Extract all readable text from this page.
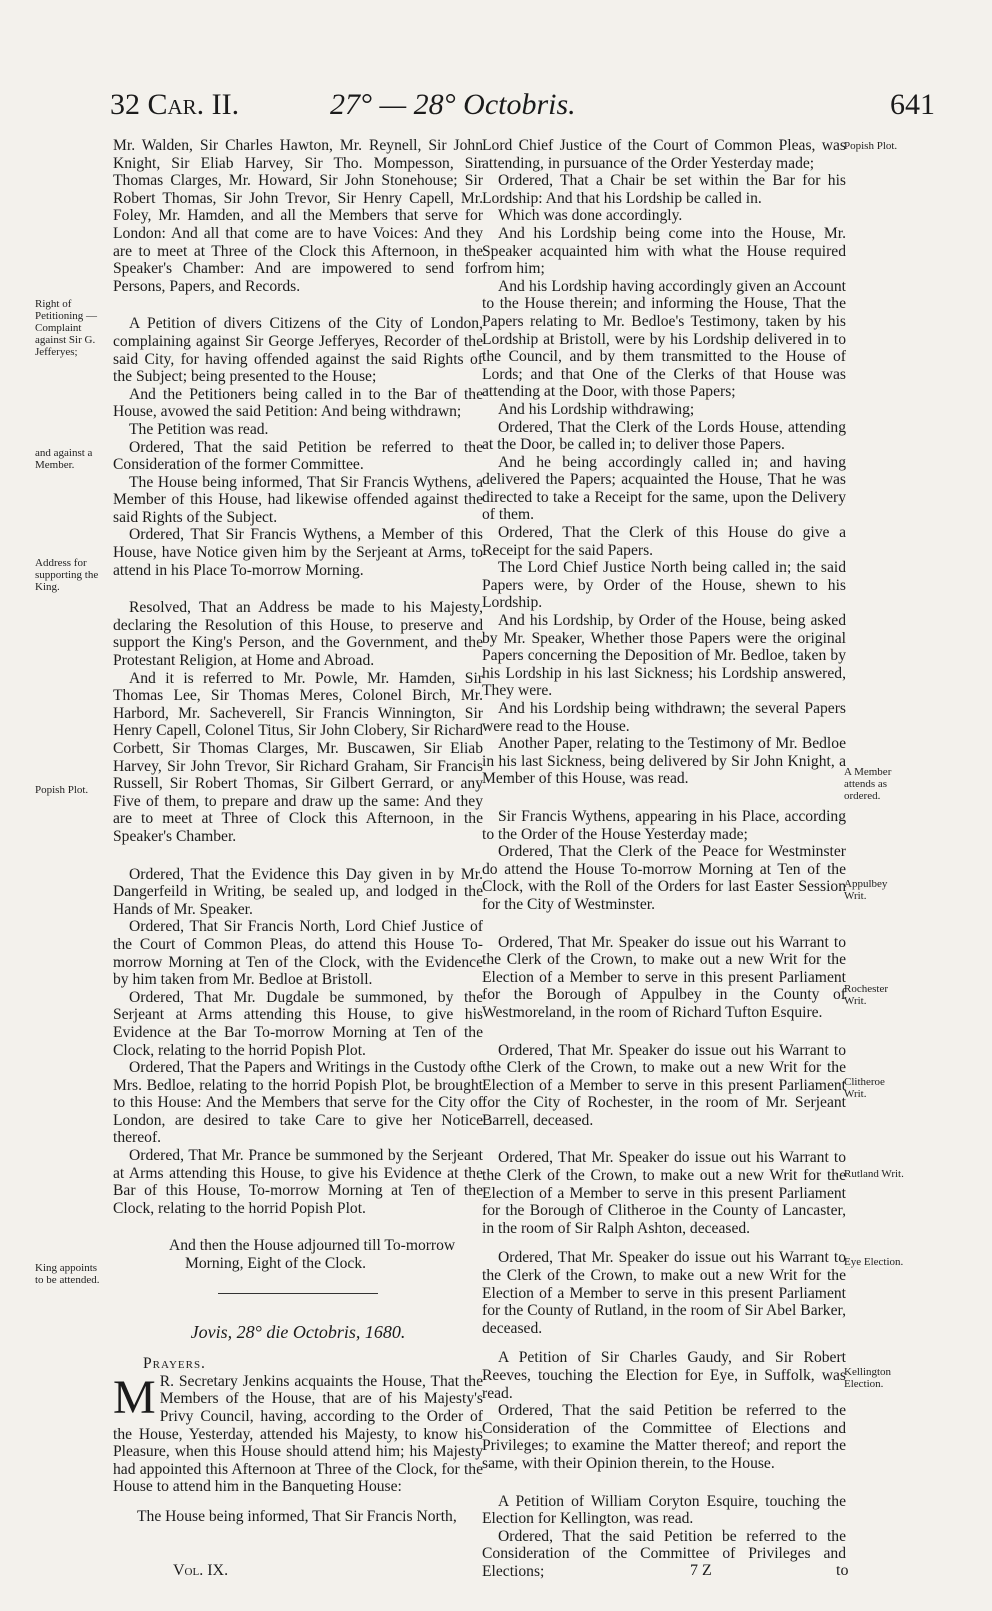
32 Car. II.	27° — 28° Octobris.	641
Right of Petitioning — Complaint against Sir G. Jefferyes;
and against a Member.
Address for supporting the King.
Popish Plot.
King appoints to be attended.
Popish Plot.
A Member attends as ordered.
Appulbey Writ.
Rochester Writ.
Clitheroe Writ.
Rutland Writ.
Eye Election.
Kellington Election.

Mr. Walden, Sir Charles Hawton, Mr. Reynell, Sir John Knight, Sir Eliab Harvey, Sir Tho. Mompesson, Sir Thomas Clarges, Mr. Howard, Sir John Stonehouse; Sir Robert Thomas, Sir John Trevor, Sir Henry Capell, Mr. Foley, Mr. Hamden, and all the Members that serve for London: And all that come are to have Voices: And they are to meet at Three of the Clock this Afternoon, in the Speaker's Chamber: And are impowered to send for Persons, Papers, and Records.

A Petition of divers Citizens of the City of London, complaining against Sir George Jefferyes, Recorder of the said City, for having offended against the said Rights of the Subject; being presented to the House;

And the Petitioners being called in to the Bar of the House, avowed the said Petition: And being withdrawn;

The Petition was read.

Ordered, That the said Petition be referred to the Consideration of the former Committee.

The House being informed, That Sir Francis Wythens, a Member of this House, had likewise offended against the said Rights of the Subject.

Ordered, That Sir Francis Wythens, a Member of this House, have Notice given him by the Serjeant at Arms, to attend in his Place To-morrow Morning.

Resolved, That an Address be made to his Majesty, declaring the Resolution of this House, to preserve and support the King's Person, and the Government, and the Protestant Religion, at Home and Abroad.

And it is referred to Mr. Powle, Mr. Hamden, Sir Thomas Lee, Sir Thomas Meres, Colonel Birch, Mr. Harbord, Mr. Sacheverell, Sir Francis Winnington, Sir Henry Capell, Colonel Titus, Sir John Clobery, Sir Richard Corbett, Sir Thomas Clarges, Mr. Buscawen, Sir Eliab Harvey, Sir John Trevor, Sir Richard Graham, Sir Francis Russell, Sir Robert Thomas, Sir Gilbert Gerrard, or any Five of them, to prepare and draw up the same: And they are to meet at Three of Clock this Afternoon, in the Speaker's Chamber.

Ordered, That the Evidence this Day given in by Mr. Dangerfeild in Writing, be sealed up, and lodged in the Hands of Mr. Speaker.

Ordered, That Sir Francis North, Lord Chief Justice of the Court of Common Pleas, do attend this House To-morrow Morning at Ten of the Clock, with the Evidence by him taken from Mr. Bedloe at Bristoll.

Ordered, That Mr. Dugdale be summoned, by the Serjeant at Arms attending this House, to give his Evidence at the Bar To-morrow Morning at Ten of the Clock, relating to the horrid Popish Plot.

Ordered, That the Papers and Writings in the Custody of Mrs. Bedloe, relating to the horrid Popish Plot, be brought to this House: And the Members that serve for the City of London, are desired to take Care to give her Notice thereof.

Ordered, That Mr. Prance be summoned by the Serjeant at Arms attending this House, to give his Evidence at the Bar of this House, To-morrow Morning at Ten of the Clock, relating to the horrid Popish Plot.

And then the House adjourned till To-morrow

Morning, Eight of the Clock.

Jovis, 28° die Octobris, 1680.

Prayers.

M R. Secretary Jenkins acquaints the House, That the Members of the House, that are of his Majesty's Privy Council, having, according to the Order of the House, Yesterday, attended his Majesty, to know his Pleasure, when this House should attend him; his Majesty had appointed this Afternoon at Three of the Clock, for the House to attend him in the Banqueting House:

The House being informed, That Sir Francis North,

Lord Chief Justice of the Court of Common Pleas, was attending, in pursuance of the Order Yesterday made;

Ordered, That a Chair be set within the Bar for his Lordship: And that his Lordship be called in.

Which was done accordingly.

And his Lordship being come into the House, Mr. Speaker acquainted him with what the House required from him;

And his Lordship having accordingly given an Account to the House therein; and informing the House, That the Papers relating to Mr. Bedloe's Testimony, taken by his Lordship at Bristoll, were by his Lordship delivered in to the Council, and by them transmitted to the House of Lords; and that One of the Clerks of that House was attending at the Door, with those Papers;

And his Lordship withdrawing;

Ordered, That the Clerk of the Lords House, attending at the Door, be called in; to deliver those Papers.

And he being accordingly called in; and having delivered the Papers; acquainted the House, That he was directed to take a Receipt for the same, upon the Delivery of them.

Ordered, That the Clerk of this House do give a Receipt for the said Papers.

The Lord Chief Justice North being called in; the said Papers were, by Order of the House, shewn to his Lordship.

And his Lordship, by Order of the House, being asked by Mr. Speaker, Whether those Papers were the original Papers concerning the Deposition of Mr. Bedloe, taken by his Lordship in his last Sickness; his Lordship answered, They were.

And his Lordship being withdrawn; the several Papers were read to the House.

Another Paper, relating to the Testimony of Mr. Bedloe in his last Sickness, being delivered by Sir John Knight, a Member of this House, was read.

Sir Francis Wythens, appearing in his Place, according to the Order of the House Yesterday made;

Ordered, That the Clerk of the Peace for Westminster do attend the House To-morrow Morning at Ten of the Clock, with the Roll of the Orders for last Easter Session for the City of Westminster.

Ordered, That Mr. Speaker do issue out his Warrant to the Clerk of the Crown, to make out a new Writ for the Election of a Member to serve in this present Parliament for the Borough of Appulbey in the County of Westmoreland, in the room of Richard Tufton Esquire.

Ordered, That Mr. Speaker do issue out his Warrant to the Clerk of the Crown, to make out a new Writ for the Election of a Member to serve in this present Parliament for the City of Rochester, in the room of Mr. Serjeant Barrell, deceased.

Ordered, That Mr. Speaker do issue out his Warrant to the Clerk of the Crown, to make out a new Writ for the Election of a Member to serve in this present Parliament for the Borough of Clitheroe in the County of Lancaster, in the room of Sir Ralph Ashton, deceased.

Ordered, That Mr. Speaker do issue out his Warrant to the Clerk of the Crown, to make out a new Writ for the Election of a Member to serve in this present Parliament for the County of Rutland, in the room of Sir Abel Barker, deceased.

A Petition of Sir Charles Gaudy, and Sir Robert Reeves, touching the Election for Eye, in Suffolk, was read.

Ordered, That the said Petition be referred to the Consideration of the Committee of Elections and Privileges; to examine the Matter thereof; and report the same, with their Opinion therein, to the House.

A Petition of William Coryton Esquire, touching the Election for Kellington, was read.

Ordered, That the said Petition be referred to the Consideration of the Committee of Privileges and Elections;

Vol. IX.	7 Z	to
